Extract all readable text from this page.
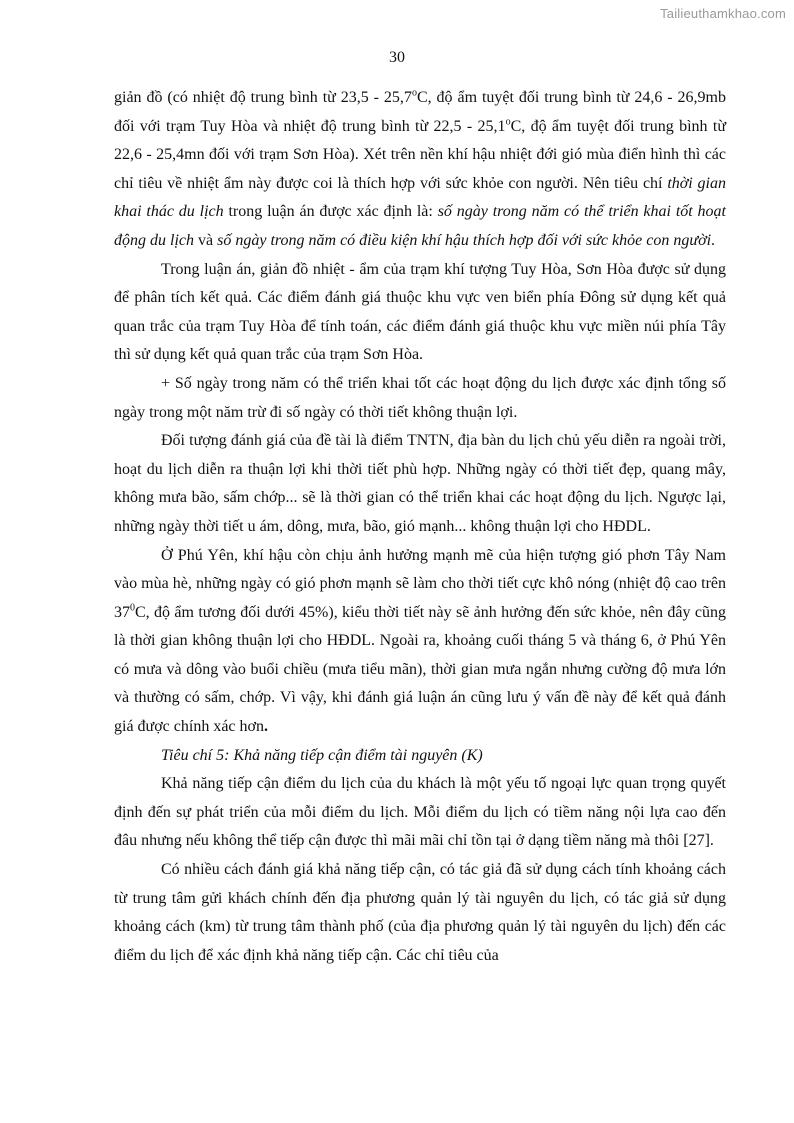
Tailieuthamkhao.com
30

giản đồ (có nhiệt độ trung bình từ 23,5 - 25,7$^o$C, độ ẩm tuyệt đối trung bình từ 24,6 - 26,9mb đối với trạm Tuy Hòa và nhiệt độ trung bình từ 22,5 - 25,1$^o$C, độ ẩm tuyệt đối trung bình từ 22,6 - 25,4mn đối với trạm Sơn Hòa). Xét trên nền khí hậu nhiệt đới gió mùa điển hình thì các chỉ tiêu về nhiệt ẩm này được coi là thích hợp với sức khỏe con người. Nên tiêu chí thời gian khai thác du lịch trong luận án được xác định là: số ngày trong năm có thể triển khai tốt hoạt động du lịch và số ngày trong năm có điều kiện khí hậu thích hợp đối với sức khỏe con người.

Trong luận án, giản đồ nhiệt - ẩm của trạm khí tượng Tuy Hòa, Sơn Hòa được sử dụng để phân tích kết quả. Các điểm đánh giá thuộc khu vực ven biển phía Đông sử dụng kết quả quan trắc của trạm Tuy Hòa để tính toán, các điểm đánh giá thuộc khu vực miền núi phía Tây thì sử dụng kết quả quan trắc của trạm Sơn Hòa.

+ Số ngày trong năm có thể triển khai tốt các hoạt động du lịch được xác định tổng số ngày trong một năm trừ đi số ngày có thời tiết không thuận lợi.

Đối tượng đánh giá của đề tài là điểm TNTN, địa bàn du lịch chủ yếu diễn ra ngoài trời, hoạt du lịch diễn ra thuận lợi khi thời tiết phù hợp. Những ngày có thời tiết đẹp, quang mây, không mưa bão, sấm chớp... sẽ là thời gian có thể triển khai các hoạt động du lịch. Ngược lại, những ngày thời tiết u ám, dông, mưa, bão, gió mạnh... không thuận lợi cho HĐDL.

Ở Phú Yên, khí hậu còn chịu ảnh hưởng mạnh mẽ của hiện tượng gió phơn Tây Nam vào mùa hè, những ngày có gió phơn mạnh sẽ làm cho thời tiết cực khô nóng (nhiệt độ cao trên $37^0C$, độ ẩm tương đối dưới 45%), kiểu thời tiết này sẽ ảnh hưởng đến sức khỏe, nên đây cũng là thời gian không thuận lợi cho HĐDL. Ngoài ra, khoảng cuối tháng 5 và tháng 6, ở Phú Yên có mưa và dông vào buổi chiều (mưa tiểu mãn), thời gian mưa ngắn nhưng cường độ mưa lớn và thường có sấm, chớp. Vì vậy, khi đánh giá luận án cũng lưu ý vấn đề này để kết quả đánh giá được chính xác hơn.

Tiêu chí 5: Khả năng tiếp cận điểm tài nguyên (K)

Khả năng tiếp cận điểm du lịch của du khách là một yếu tố ngoại lực quan trọng quyết định đến sự phát triển của mỗi điểm du lịch. Mỗi điểm du lịch có tiềm năng nội lựa cao đến đâu nhưng nếu không thể tiếp cận được thì mãi mãi chỉ tồn tại ở dạng tiềm năng mà thôi [27].

Có nhiều cách đánh giá khả năng tiếp cận, có tác giả đã sử dụng cách tính khoảng cách từ trung tâm gửi khách chính đến địa phương quản lý tài nguyên du lịch, có tác giả sử dụng khoảng cách (km) từ trung tâm thành phố (của địa phương quản lý tài nguyên du lịch) đến các điểm du lịch để xác định khả năng tiếp cận. Các chỉ tiêu của
